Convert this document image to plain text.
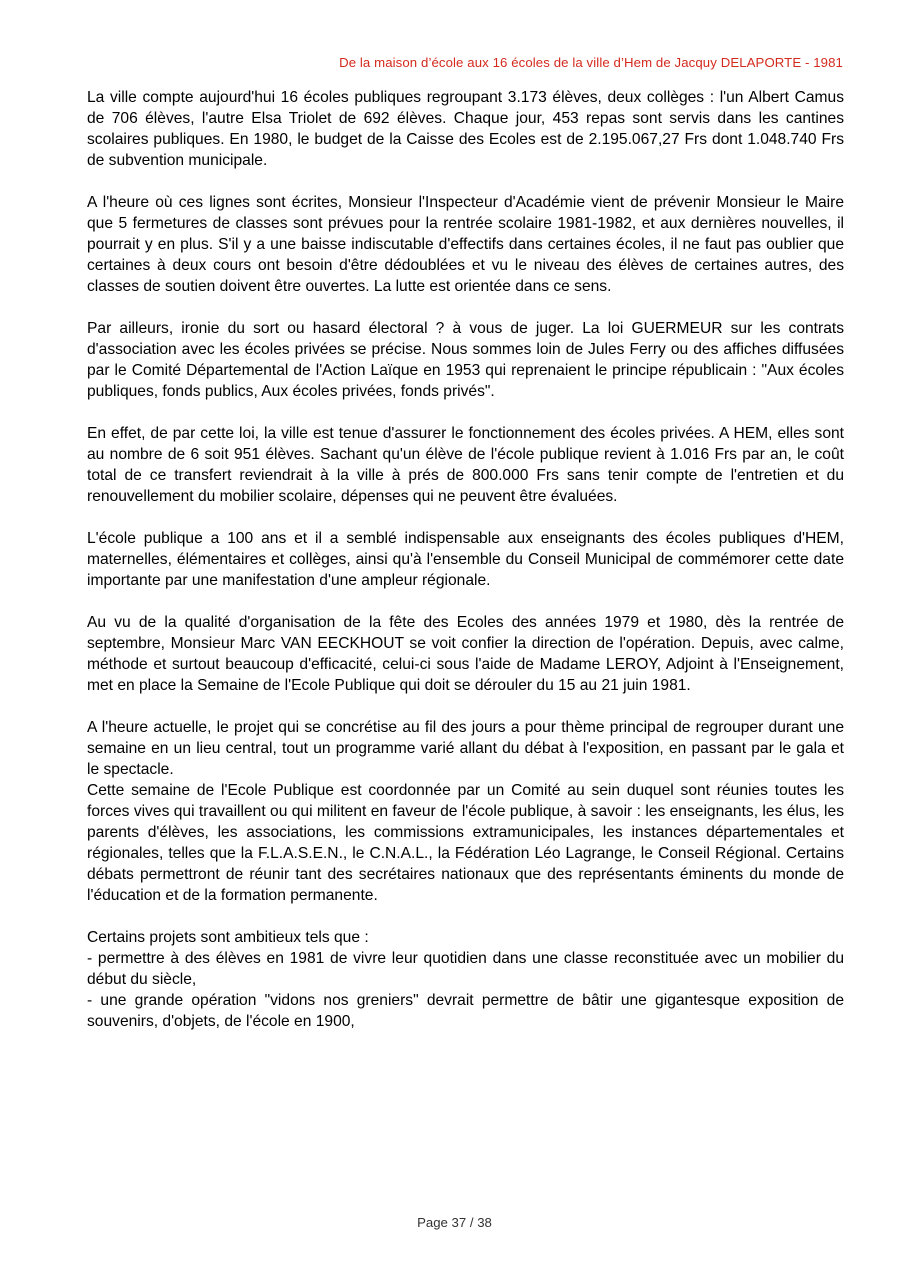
De la maison d’école aux 16 écoles de la ville d’Hem de Jacquy DELAPORTE - 1981

La ville compte aujourd'hui 16 écoles publiques regroupant 3.173 élèves, deux collèges : l'un Albert Camus de 706 élèves, l'autre Elsa Triolet de 692 élèves. Chaque jour, 453 repas sont servis dans les cantines scolaires publiques. En 1980, le budget de la Caisse des Ecoles est de 2.195.067,27 Frs dont 1.048.740 Frs de subvention municipale.

A l'heure où ces lignes sont écrites, Monsieur l'Inspecteur d'Académie vient de prévenir Monsieur le Maire que 5 fermetures de classes sont prévues pour la rentrée scolaire 1981-1982, et aux dernières nouvelles, il pourrait y en plus. S'il y a une baisse indiscutable d'effectifs dans certaines écoles, il ne faut pas oublier que certaines à deux cours ont besoin d'être dédoublées et vu le niveau des élèves de certaines autres, des classes de soutien doivent être ouvertes. La lutte est orientée dans ce sens.

Par ailleurs, ironie du sort ou hasard électoral ? à vous de juger. La loi GUERMEUR sur les contrats d'association avec les écoles privées se précise. Nous sommes loin de Jules Ferry ou des affiches diffusées par le Comité Départemental de l'Action Laïque en 1953 qui reprenaient le principe républicain : "Aux écoles publiques, fonds publics, Aux écoles privées, fonds privés".

En effet, de par cette loi, la ville est tenue d'assurer le fonctionnement des écoles privées. A HEM, elles sont au nombre de 6 soit 951 élèves. Sachant qu'un élève de l'école publique revient à 1.016 Frs par an, le coût total de ce transfert reviendrait à la ville à prés de 800.000 Frs sans tenir compte de l'entretien et du renouvellement du mobilier scolaire, dépenses qui ne peuvent être évaluées.

L'école publique a 100 ans et il a semblé indispensable aux enseignants des écoles publiques d'HEM, maternelles, élémentaires et collèges, ainsi qu'à l'ensemble du Conseil Municipal de commémorer cette date importante par une manifestation d'une ampleur régionale.

Au vu de la qualité d'organisation de la fête des Ecoles des années 1979 et 1980, dès la rentrée de septembre, Monsieur Marc VAN EECKHOUT se voit confier la direction de l'opération. Depuis, avec calme, méthode et surtout beaucoup d'efficacité, celui-ci sous l'aide de Madame LEROY, Adjoint à l'Enseignement, met en place la Semaine de l'Ecole Publique qui doit se dérouler du 15 au 21 juin 1981.

A l'heure actuelle, le projet qui se concrétise au fil des jours a pour thème principal de regrouper durant une semaine en un lieu central, tout un programme varié allant du débat à l'exposition, en passant par le gala et le spectacle.

Cette semaine de l'Ecole Publique est coordonnée par un Comité au sein duquel sont réunies toutes les forces vives qui travaillent ou qui militent en faveur de l'école publique, à savoir : les enseignants, les élus, les parents d'élèves, les associations, les commissions extramunicipales, les instances départementales et régionales, telles que la F.L.A.S.E.N., le C.N.A.L., la Fédération Léo Lagrange, le Conseil Régional. Certains débats permettront de réunir tant des secrétaires nationaux que des représentants éminents du monde de l'éducation et de la formation permanente.

Certains projets sont ambitieux tels que :

- permettre à des élèves en 1981 de vivre leur quotidien dans une classe reconstituée avec un mobilier du début du siècle,

- une grande opération "vidons nos greniers" devrait permettre de bâtir une gigantesque exposition de souvenirs, d'objets, de l'école en 1900,

Page 37 / 38
